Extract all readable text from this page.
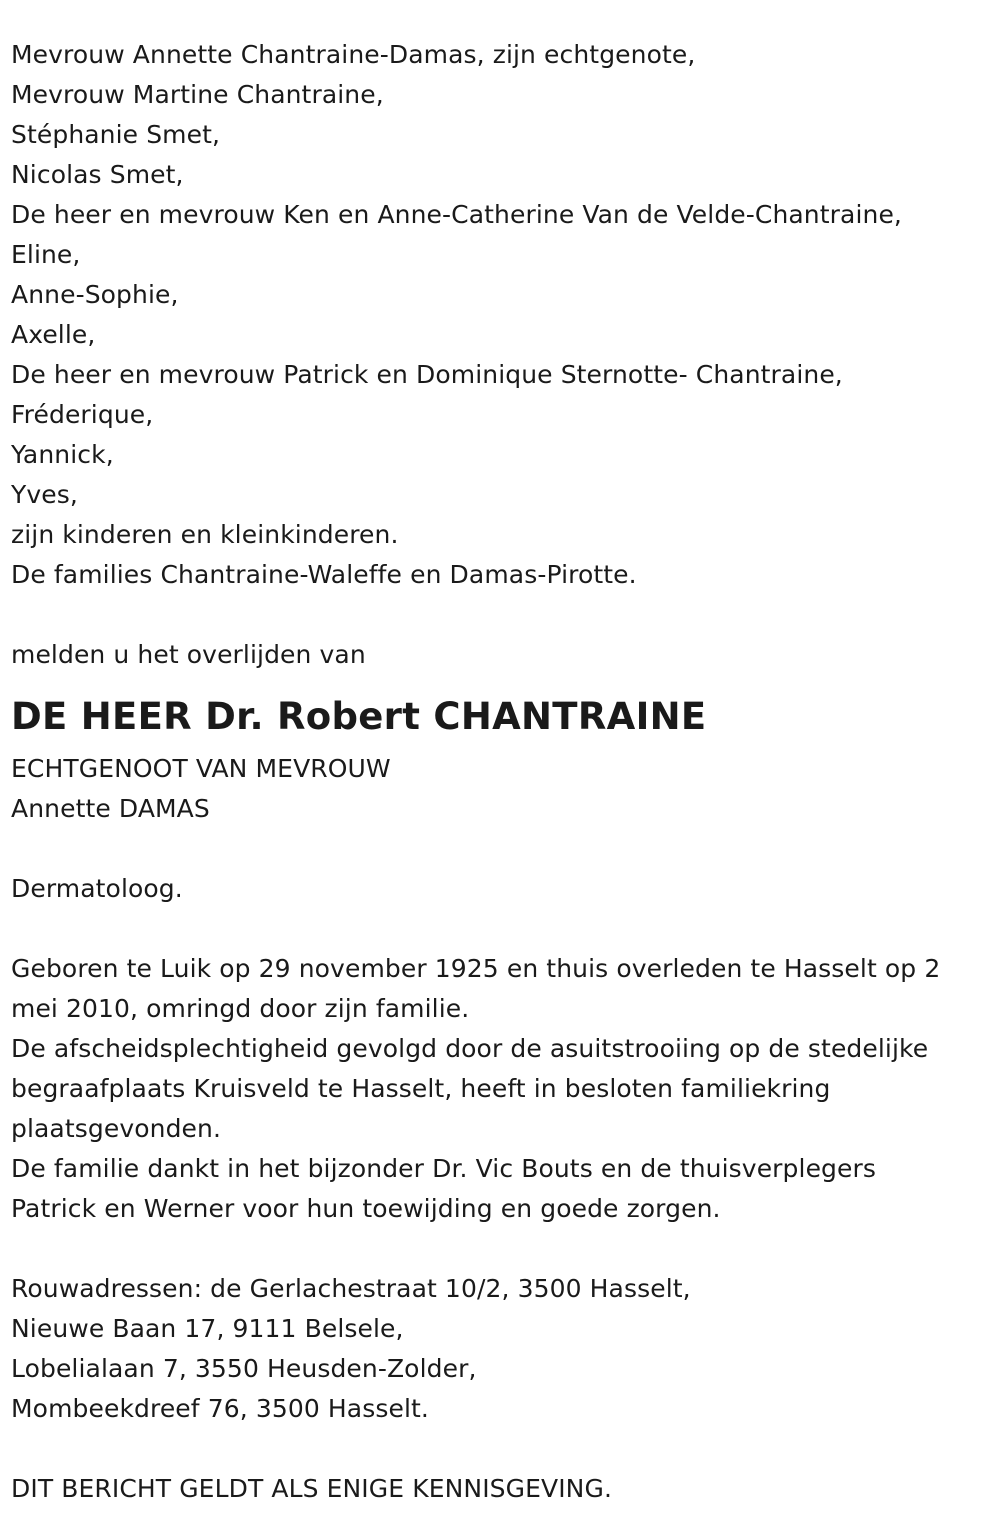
Mevrouw Annette Chantraine-Damas, zijn echtgenote,
Mevrouw Martine Chantraine,
Stéphanie Smet,
Nicolas Smet,
De heer en mevrouw Ken en Anne-Catherine Van de Velde-Chantraine,
Eline,
Anne-Sophie,
Axelle,
De heer en mevrouw Patrick en Dominique Sternotte- Chantraine,
Fréderique,
Yannick,
Yves,
zijn kinderen en kleinkinderen.
De families Chantraine-Waleffe en Damas-Pirotte.
melden u het overlijden van
DE HEER Dr. Robert CHANTRAINE
ECHTGENOOT VAN MEVROUW
Annette DAMAS
Dermatoloog.
Geboren te Luik op 29 november 1925 en thuis overleden te Hasselt op 2
mei 2010, omringd door zijn familie.
De afscheidsplechtigheid gevolgd door de asuitstrooiing op de stedelijke
begraafplaats Kruisveld te Hasselt, heeft in besloten familiekring
plaatsgevonden.
De familie dankt in het bijzonder Dr. Vic Bouts en de thuisverplegers
Patrick en Werner voor hun toewijding en goede zorgen.
Rouwadressen: de Gerlachestraat 10/2, 3500 Hasselt,
Nieuwe Baan 17, 9111 Belsele,
Lobelialaan 7, 3550 Heusden-Zolder,
Mombeekdreef 76, 3500 Hasselt.
DIT BERICHT GELDT ALS ENIGE KENNISGEVING.
